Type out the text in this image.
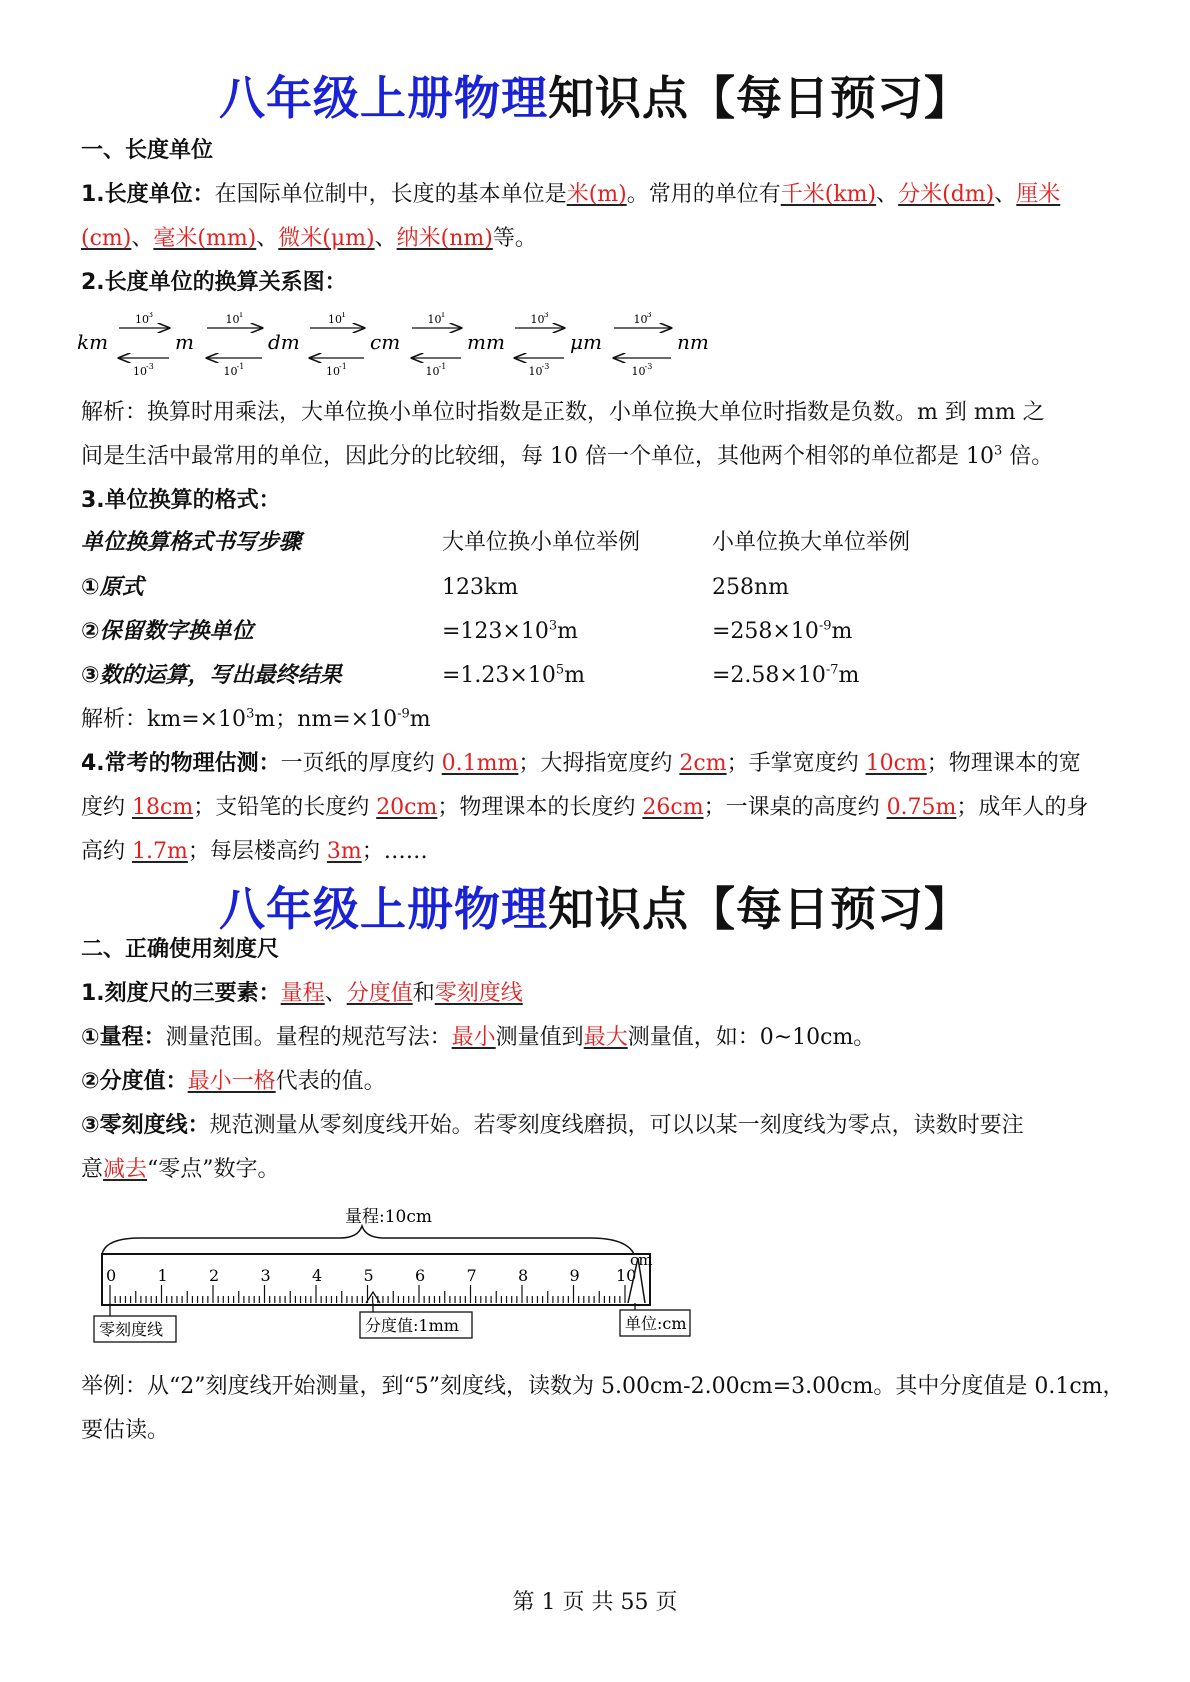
八年级上册物理知识点【每日预习】
一、长度单位
1.长度单位：在国际单位制中，长度的基本单位是米(m)。常用的单位有千米(km)、分米(dm)、厘米
(cm)、毫米(mm)、微米(μm)、纳米(nm)等。
2.长度单位的换算关系图：
km	m	dm	cm	mm	μm	nm
10 3
10 -3
10 1
10 -1
10 1
10 -1
10 1
10 -1
10 3
10 -3
10 3
10 -3
解析：换算时用乘法，大单位换小单位时指数是正数，小单位换大单位时指数是负数。m 到 mm 之
间是生活中最常用的单位，因此分的比较细，每 10 倍一个单位，其他两个相邻的单位都是 $10^3$ 倍。
3.单位换算的格式：
单位换算格式书写步骤	大单位换小单位举例	小单位换大单位举例
①原式	123km	258nm
②保留数字换单位	$=123\times 10^3m$	$=258\times 10^{-9}m$
③数的运算，写出最终结果	$=1.23\times 10^5m$	$=2.58\times 10^{-7}m$
解析：$km=\times 10^3m$；$nm=\times 10^{-9}m$
4.常考的物理估测：一页纸的厚度约 0.1mm；大拇指宽度约 2cm；手掌宽度约 10cm；物理课本的宽
度约 18cm；支铅笔的长度约 20cm；物理课本的长度约 26cm；一课桌的高度约 0.75m；成年人的身
高约 1.7m；每层楼高约 3m；……
八年级上册物理知识点【每日预习】
二、正确使用刻度尺
1.刻度尺的三要素：量程、分度值和零刻度线
①量程：测量范围。量程的规范写法：最小测量值到最大测量值，如：0~10cm。
②分度值：最小一格代表的值。
③零刻度线：规范测量从零刻度线开始。若零刻度线磨损，可以以某一刻度线为零点，读数时要注
意减去“零点”数字。
量程:10cm
cm
0	1	2	3	4	5	6	7	8	9 10
零刻度线	分度值:1mm	单位:cm
举例：从“2”刻度线开始测量，到“5”刻度线，读数为 5.00cm-2.00cm=3.00cm。其中分度值是 0.1cm，
要估读。
第 1 页 共 55 页
